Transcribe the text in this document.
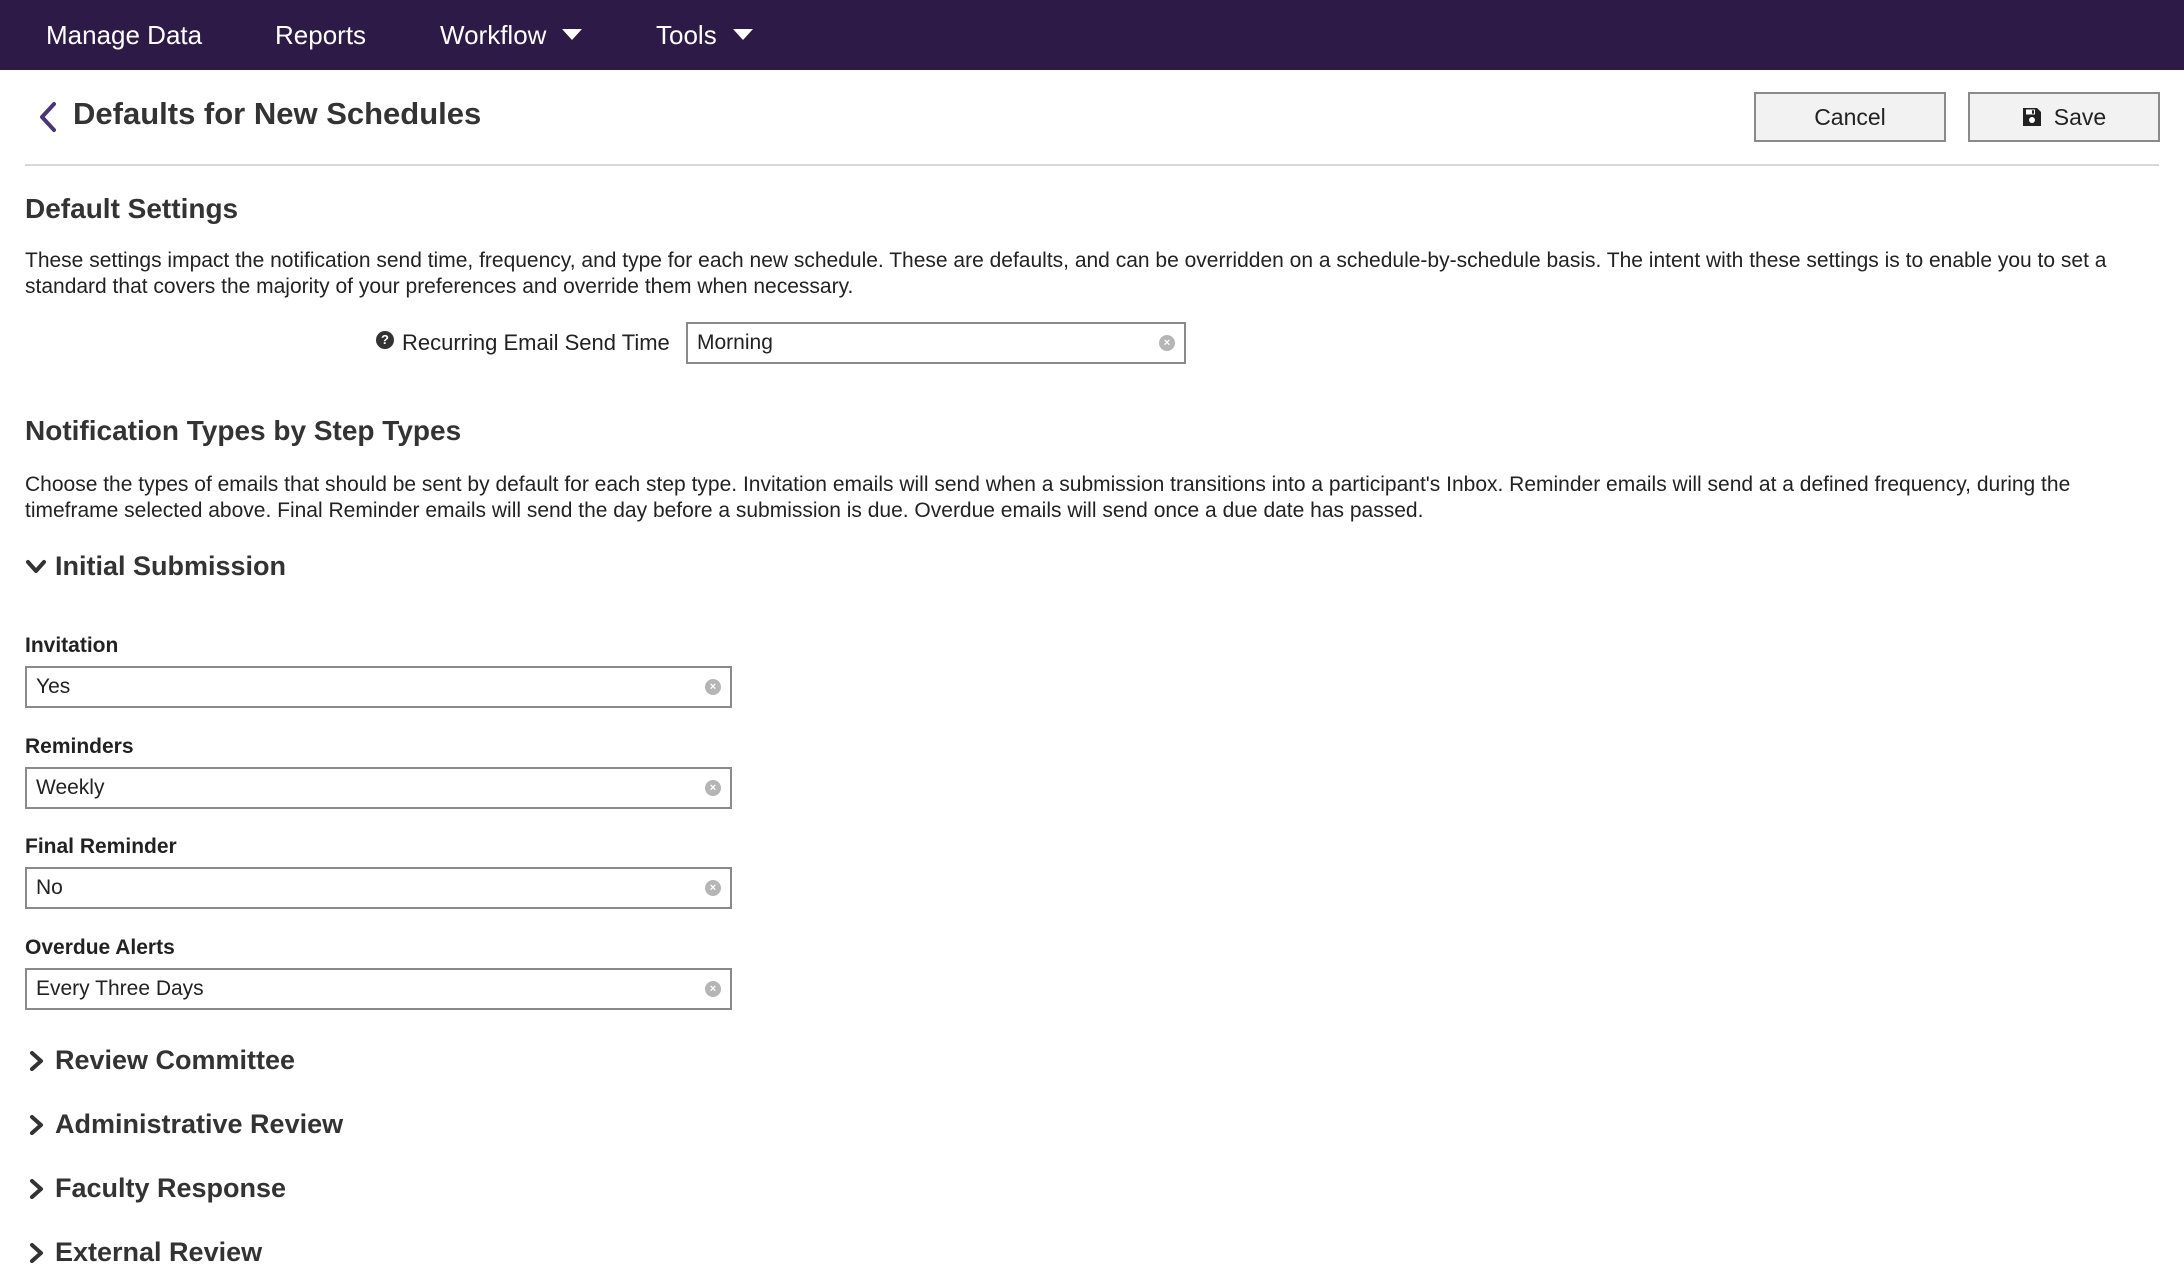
Manage Data	Reports	Workflow	Tools
Defaults for New Schedules	Cancel	Save
Default Settings
These settings impact the notification send time, frequency, and type for each new schedule. These are defaults, and can be overridden on a schedule-by-schedule basis. The intent with these settings is to enable you to set a standard that covers the majority of your preferences and override them when necessary.
? Recurring Email Send Time Morning	×
Notification Types by Step Types
Choose the types of emails that should be sent by default for each step type. Invitation emails will send when a submission transitions into a participant's Inbox. Reminder emails will send at a defined frequency, during the timeframe selected above. Final Reminder emails will send the day before a submission is due. Overdue emails will send once a due date has passed.
Initial Submission
Invitation
Yes	×
Reminders
Weekly	×
Final Reminder
No	×
Overdue Alerts
Every Three Days	×
Review Committee
Administrative Review
Faculty Response
External Review
